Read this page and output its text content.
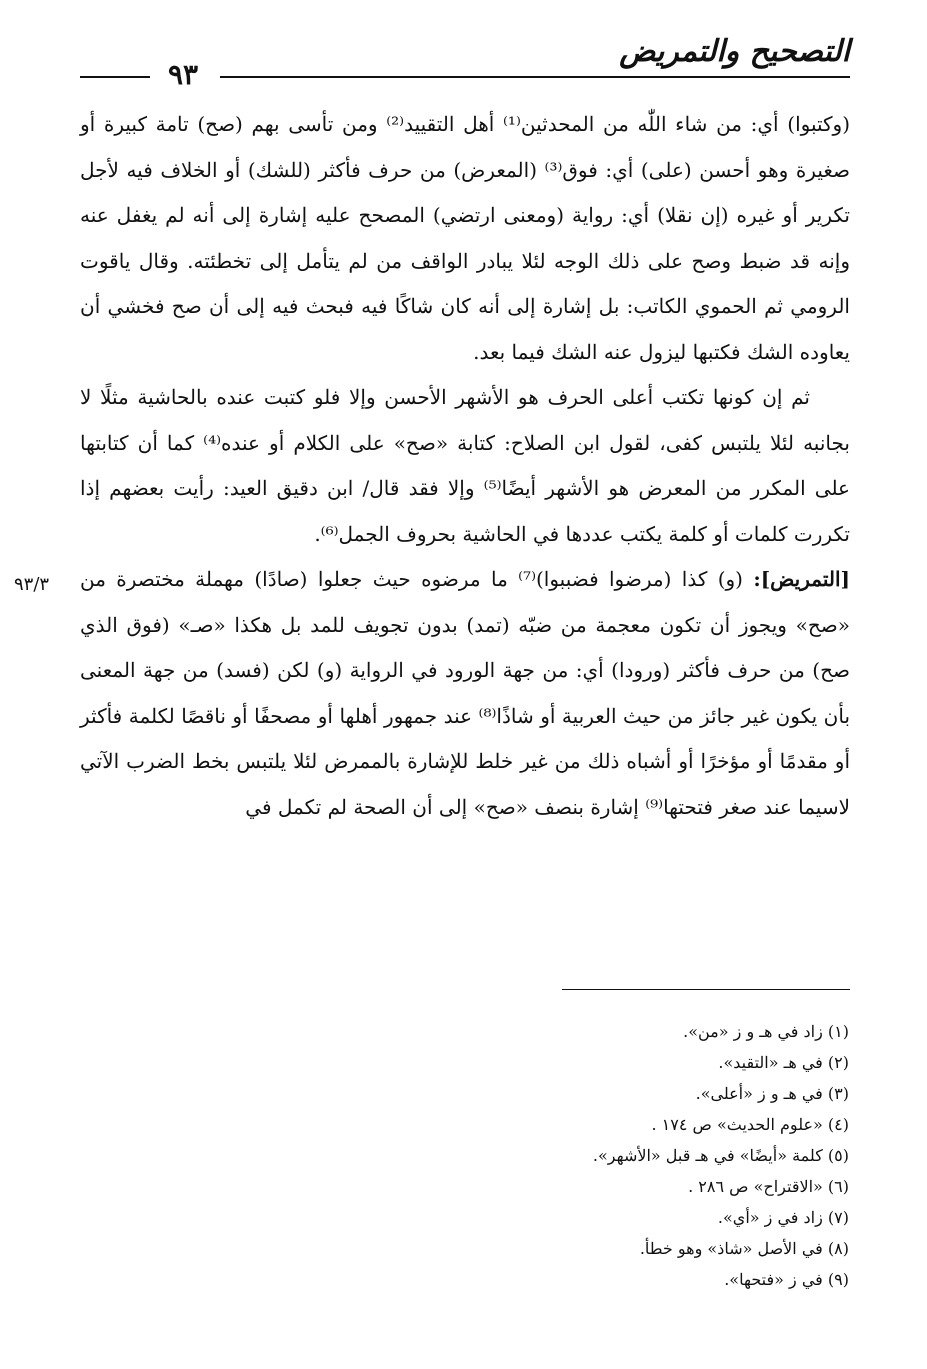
التصحيح والتمريض
٩٣

(وكتبوا) أي: من شاء اللّٰه من المحدثين⁽¹⁾ أهل التقييد⁽²⁾ ومن تأسى بهم (صح) تامة كبيرة أو صغيرة وهو أحسن (على) أي: فوق⁽³⁾ (المعرض) من حرف فأكثر (للشك) أو الخلاف فيه لأجل تكرير أو غيره (إن نقلا) أي: رواية (ومعنى ارتضي) المصحح عليه إشارة إلى أنه لم يغفل عنه وإنه قد ضبط وصح على ذلك الوجه لئلا يبادر الواقف من لم يتأمل إلى تخطئته. وقال ياقوت الرومي ثم الحموي الكاتب: بل إشارة إلى أنه كان شاكًا فيه فبحث فيه إلى أن صح فخشي أن يعاوده الشك فكتبها ليزول عنه الشك فيما بعد.

ثم إن كونها تكتب أعلى الحرف هو الأشهر الأحسن وإلا فلو كتبت عنده بالحاشية مثلًا لا بجانبه لئلا يلتبس كفى، لقول ابن الصلاح: كتابة «صح» على الكلام أو عنده⁽⁴⁾ كما أن كتابتها على المكرر من المعرض هو الأشهر أيضًا⁽⁵⁾ وإلا فقد قال/ ابن دقيق العيد: رأيت بعضهم إذا تكررت كلمات أو كلمة يكتب عددها في الحاشية بحروف الجمل⁽⁶⁾.

[التمريض]: (و) كذا (مرضوا فضببوا)⁽⁷⁾ ما مرضوه حيث جعلوا (صادًا) مهملة مختصرة من «صح» ويجوز أن تكون معجمة من ضبّه (تمد) بدون تجويف للمد بل هكذا «صـ» (فوق الذي صح) من حرف فأكثر (ورودا) أي: من جهة الورود في الرواية (و) لكن (فسد) من جهة المعنى بأن يكون غير جائز من حيث العربية أو شاذًا⁽⁸⁾ عند جمهور أهلها أو مصحفًا أو ناقصًا لكلمة فأكثر أو مقدمًا أو مؤخرًا أو أشباه ذلك من غير خلط للإشارة بالممرض لئلا يلتبس بخط الضرب الآتي لاسيما عند صغر فتحتها⁽⁹⁾ إشارة بنصف «صح» إلى أن الصحة لم تكمل في

٩٣/٣
(١) زاد في هـ و ز «من».
(٢) في هـ «التقيد».
(٣) في هـ و ز «أعلى».
(٤) «علوم الحديث» ص ١٧٤ .
(٥) كلمة «أيضًا» في هـ قبل «الأشهر».
(٦) «الاقتراح» ص ٢٨٦ .
(٧) زاد في ز «أي».
(٨) في الأصل «شاذ» وهو خطأ.
(٩) في ز «فتحها».
